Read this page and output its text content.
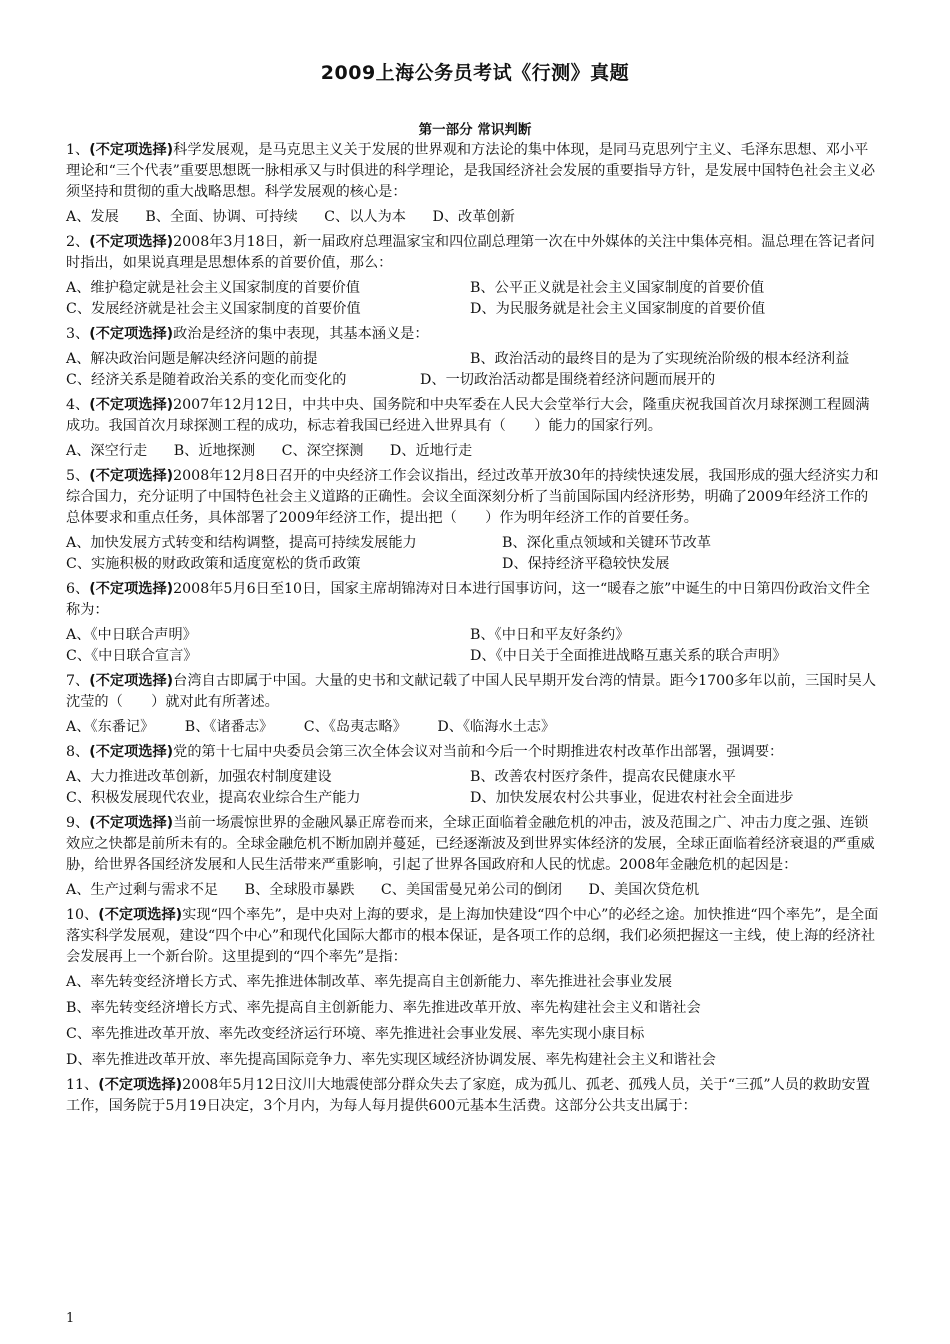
2009上海公务员考试《行测》真题
第一部分 常识判断

1、(不定项选择)科学发展观，是马克思主义关于发展的世界观和方法论的集中体现，是同马克思列宁主义、毛泽东思想、邓小平理论和“三个代表”重要思想既一脉相承又与时俱进的科学理论，是我国经济社会发展的重要指导方针，是发展中国特色社会主义必须坚持和贯彻的重大战略思想。科学发展观的核心是：

A、发展 B、全面、协调、可持续 C、以人为本 D、改革创新

2、(不定项选择)2008年3月18日，新一届政府总理温家宝和四位副总理第一次在中外媒体的关注中集体亮相。温总理在答记者问时指出，如果说真理是思想体系的首要价值，那么：

A、维护稳定就是社会主义国家制度的首要价值	B、公平正义就是社会主义国家制度的首要价值
C、发展经济就是社会主义国家制度的首要价值	D、为民服务就是社会主义国家制度的首要价值

3、(不定项选择)政治是经济的集中表现，其基本涵义是：

A、解决政治问题是解决经济问题的前提	B、政治活动的最终目的是为了实现统治阶级的根本经济利益
C、经济关系是随着政治关系的变化而变化的	D、一切政治活动都是围绕着经济问题而展开的

4、(不定项选择)2007年12月12日，中共中央、国务院和中央军委在人民大会堂举行大会，隆重庆祝我国首次月球探测工程圆满成功。我国首次月球探测工程的成功，标志着我国已经进入世界具有（　　）能力的国家行列。

A、深空行走 B、近地探测 C、深空探测 D、近地行走

5、(不定项选择)2008年12月8日召开的中央经济工作会议指出，经过改革开放30年的持续快速发展，我国形成的强大经济实力和综合国力，充分证明了中国特色社会主义道路的正确性。会议全面深刻分析了当前国际国内经济形势，明确了2009年经济工作的总体要求和重点任务，具体部署了2009年经济工作，提出把（　　）作为明年经济工作的首要任务。

A、加快发展方式转变和结构调整，提高可持续发展能力	B、深化重点领域和关键环节改革
C、实施积极的财政政策和适度宽松的货币政策	D、保持经济平稳较快发展

6、(不定项选择)2008年5月6日至10日，国家主席胡锦涛对日本进行国事访问，这一“暖春之旅”中诞生的中日第四份政治文件全称为：

A、《中日联合声明》	B、《中日和平友好条约》
C、《中日联合宣言》	D、《中日关于全面推进战略互惠关系的联合声明》

7、(不定项选择)台湾自古即属于中国。大量的史书和文献记载了中国人民早期开发台湾的情景。距今1700多年以前，三国时吴人沈莹的（　　）就对此有所著述。

A、《东番记》 B、《诸番志》 C、《岛夷志略》 D、《临海水土志》

8、(不定项选择)党的第十七届中央委员会第三次全体会议对当前和今后一个时期推进农村改革作出部署，强调要：

A、大力推进改革创新，加强农村制度建设	B、改善农村医疗条件，提高农民健康水平
C、积极发展现代农业，提高农业综合生产能力	D、加快发展农村公共事业，促进农村社会全面进步

9、(不定项选择)当前一场震惊世界的金融风暴正席卷而来，全球正面临着金融危机的冲击，波及范围之广、冲击力度之强、连锁效应之快都是前所未有的。全球金融危机不断加剧并蔓延，已经逐渐波及到世界实体经济的发展，全球正面临着经济衰退的严重威胁，给世界各国经济发展和人民生活带来严重影响，引起了世界各国政府和人民的忧虑。2008年金融危机的起因是：

A、生产过剩与需求不足 B、全球股市暴跌 C、美国雷曼兄弟公司的倒闭 D、美国次贷危机

10、(不定项选择)实现“四个率先”，是中央对上海的要求，是上海加快建设“四个中心”的必经之途。加快推进“四个率先”，是全面落实科学发展观，建设“四个中心”和现代化国际大都市的根本保证，是各项工作的总纲，我们必须把握这一主线，使上海的经济社会发展再上一个新台阶。这里提到的“四个率先”是指：

A、率先转变经济增长方式、率先推进体制改革、率先提高自主创新能力、率先推进社会事业发展
B、率先转变经济增长方式、率先提高自主创新能力、率先推进改革开放、率先构建社会主义和谐社会
C、率先推进改革开放、率先改变经济运行环境、率先推进社会事业发展、率先实现小康目标
D、率先推进改革开放、率先提高国际竞争力、率先实现区域经济协调发展、率先构建社会主义和谐社会

11、(不定项选择)2008年5月12日汶川大地震使部分群众失去了家庭，成为孤儿、孤老、孤残人员，关于“三孤”人员的救助安置工作，国务院于5月19日决定，3个月内，为每人每月提供600元基本生活费。这部分公共支出属于：

1
